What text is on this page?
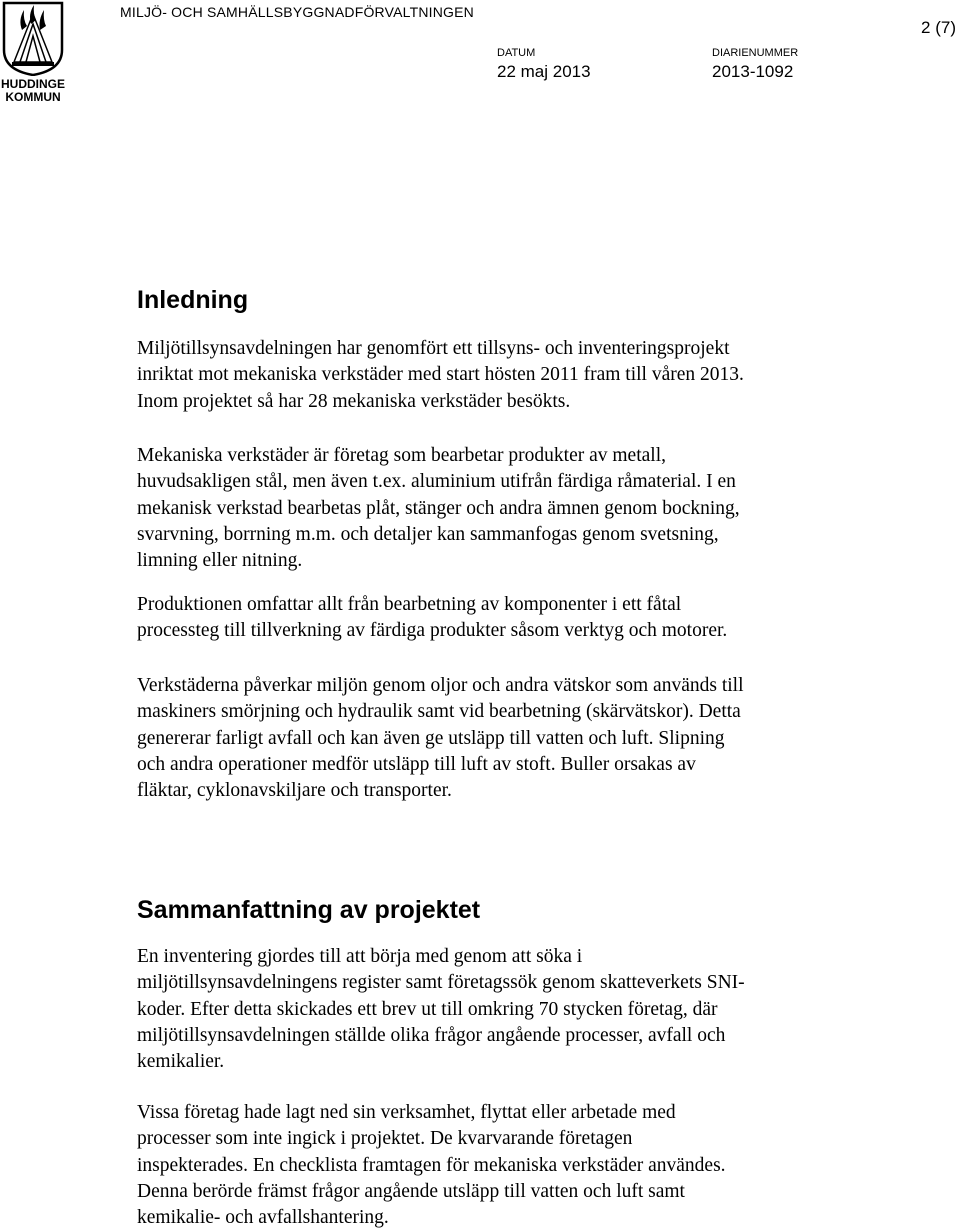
HUDDINGE
KOMMUN
MILJÖ- OCH SAMHÄLLSBYGGNADFÖRVALTNINGEN
2 (7)
DATUM
22 maj 2013
DIARIENUMMER
2013-1092
Inledning
Miljötillsynsavdelningen har genomfört ett tillsyns- och inventeringsprojekt
inriktat mot mekaniska verkstäder med start hösten 2011 fram till våren 2013.
Inom projektet så har 28 mekaniska verkstäder besökts.
Mekaniska verkstäder är företag som bearbetar produkter av metall,
huvudsakligen stål, men även t.ex. aluminium utifrån färdiga råmaterial. I en
mekanisk verkstad bearbetas plåt, stänger och andra ämnen genom bockning,
svarvning, borrning m.m. och detaljer kan sammanfogas genom svetsning,
limning eller nitning.
Produktionen omfattar allt från bearbetning av komponenter i ett fåtal
processteg till tillverkning av färdiga produkter såsom verktyg och motorer.
Verkstäderna påverkar miljön genom oljor och andra vätskor som används till
maskiners smörjning och hydraulik samt vid bearbetning (skärvätskor). Detta
genererar farligt avfall och kan även ge utsläpp till vatten och luft. Slipning
och andra operationer medför utsläpp till luft av stoft. Buller orsakas av
fläktar, cyklonavskiljare och transporter.
Sammanfattning av projektet
En inventering gjordes till att börja med genom att söka i
miljötillsynsavdelningens register samt företagssök genom skatteverkets SNI-
koder. Efter detta skickades ett brev ut till omkring 70 stycken företag, där
miljötillsynsavdelningen ställde olika frågor angående processer, avfall och
kemikalier.
Vissa företag hade lagt ned sin verksamhet, flyttat eller arbetade med
processer som inte ingick i projektet. De kvarvarande företagen
inspekterades. En checklista framtagen för mekaniska verkstäder användes.
Denna berörde främst frågor angående utsläpp till vatten och luft samt
kemikalie- och avfallshantering.
